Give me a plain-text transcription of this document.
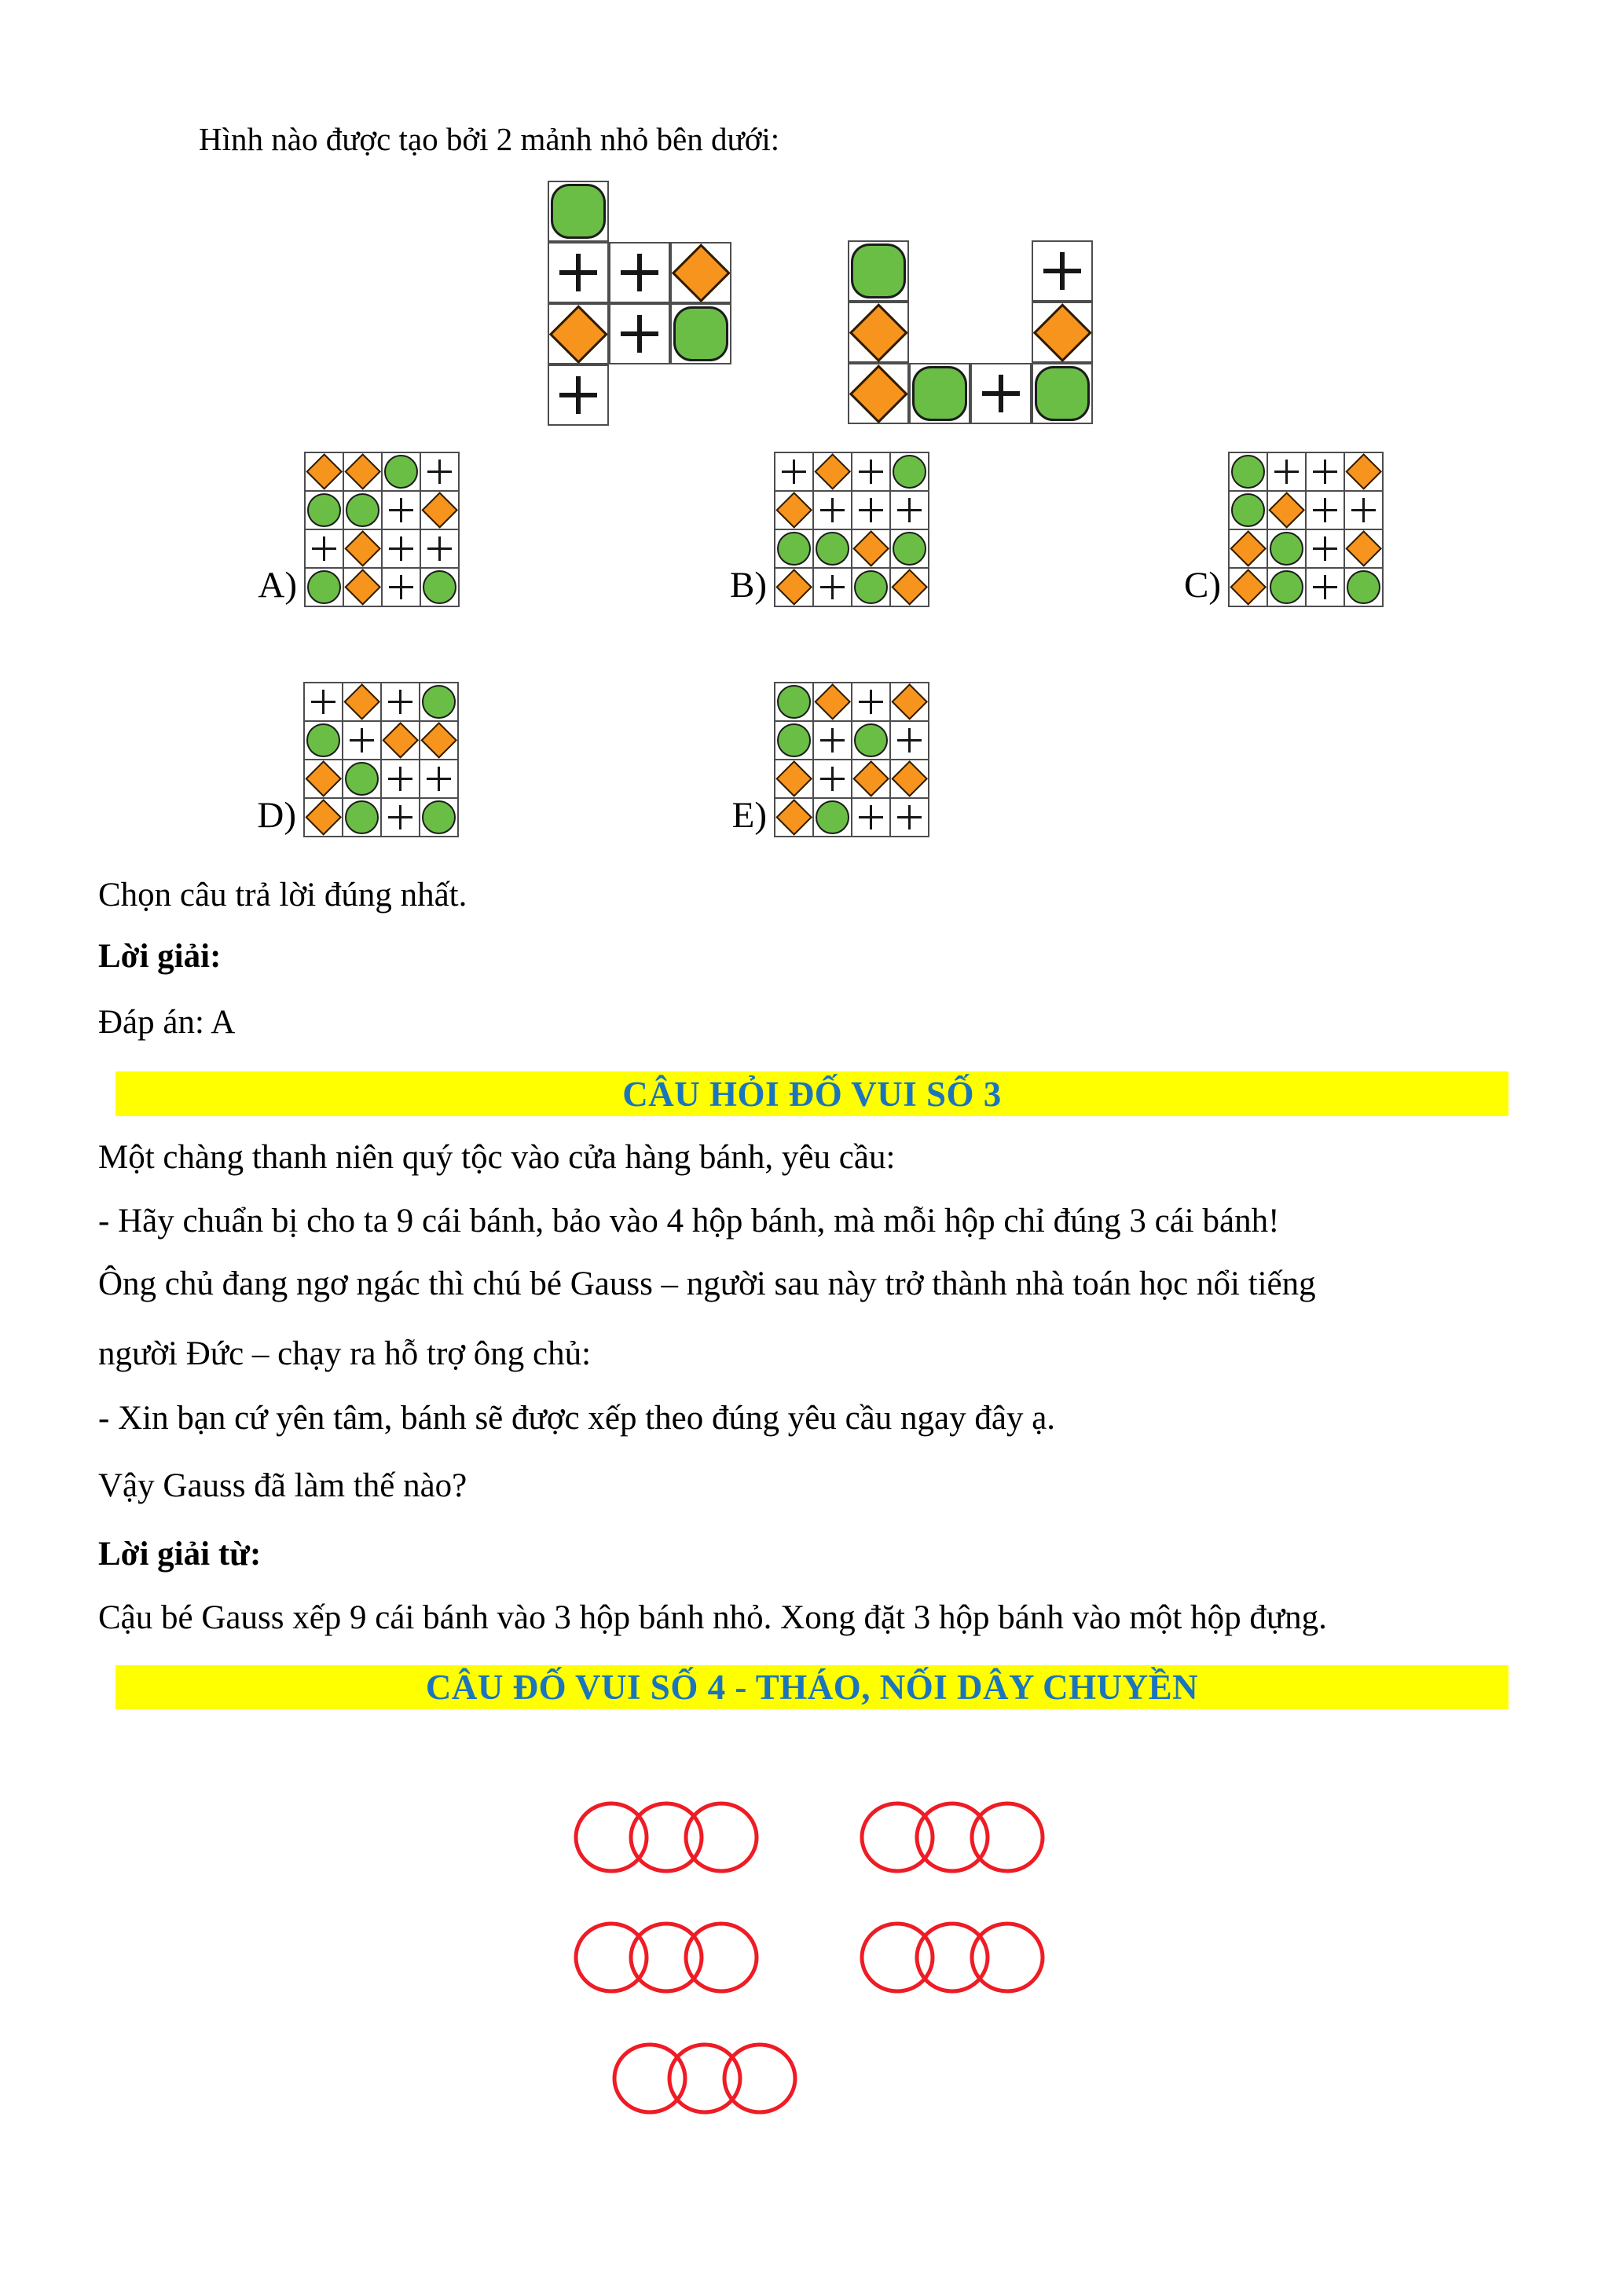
Hình nào được tạo bởi 2 mảnh nhỏ bên dưới:
A)	B)	C)
D)	E)
Chọn câu trả lời đúng nhất.
Lời giải:
Đáp án: A
CÂU HỎI ĐỐ VUI SỐ 3
Một chàng thanh niên quý tộc vào cửa hàng bánh, yêu cầu:
- Hãy chuẩn bị cho ta 9 cái bánh, bảo vào 4 hộp bánh, mà mỗi hộp chỉ đúng 3 cái bánh!
Ông chủ đang ngơ ngác thì chú bé Gauss – người sau này trở thành nhà toán học nổi tiếng
người Đức – chạy ra hỗ trợ ông chủ:
- Xin bạn cứ yên tâm, bánh sẽ được xếp theo đúng yêu cầu ngay đây ạ.
Vậy Gauss đã làm thế nào?
Lời giải từ:
Cậu bé Gauss xếp 9 cái bánh vào 3 hộp bánh nhỏ. Xong đặt 3 hộp bánh vào một hộp đựng.
CÂU ĐỐ VUI SỐ 4 - THÁO, NỐI DÂY CHUYỀN
